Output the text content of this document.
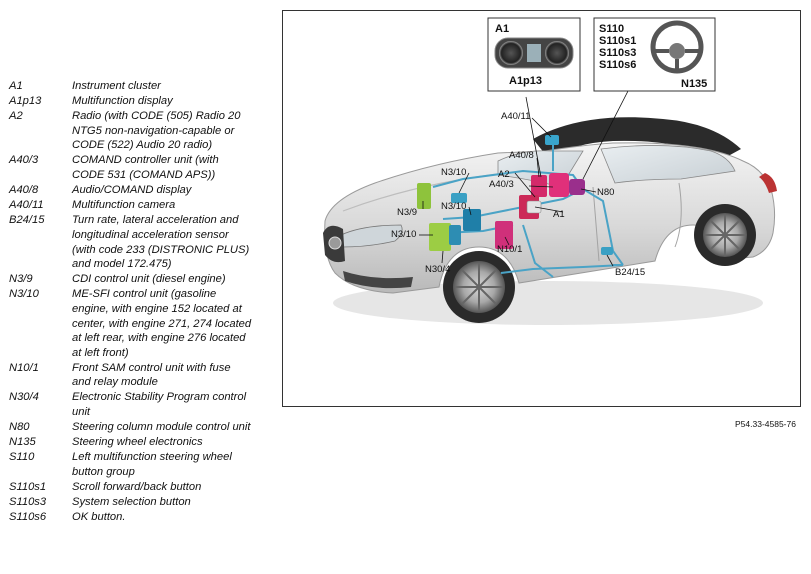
A1	Instrument cluster
A1p13	Multifunction display
A2	Radio (with CODE (505) Radio 20 NTG5 non-navigation-capable or CODE (522) Audio 20 radio)
A40/3	COMAND controller unit (with CODE 531 (COMAND APS))
A40/8	Audio/COMAND display
A40/11	Multifunction camera
B24/15	Turn rate, lateral acceleration and longitudinal acceleration sensor (with code 233 (DISTRONIC PLUS) and model 172.475)
N3/9	CDI control unit (diesel engine)
N3/10	ME-SFI control unit (gasoline engine, with engine 152 located at center, with engine 271, 274 located at left rear, with engine 276 located at left front)
N10/1	Front SAM control unit with fuse and relay module
N30/4	Electronic Stability Program control unit
N80	Steering column module control unit
N135	Steering wheel electronics
S110	Left multifunction steering wheel button group
S110s1	Scroll forward/back button
S110s3	System selection button
S110s6	OK button.
A40/11
A40/8
A2
A40/3
N3/10
N3/9
N3/10
N3/10
A1
N80
N10/1
N30/4	B24/15
A1
A1p13
S110
S110s1
S110s3
S110s6
N135
P54.33-4585-76
